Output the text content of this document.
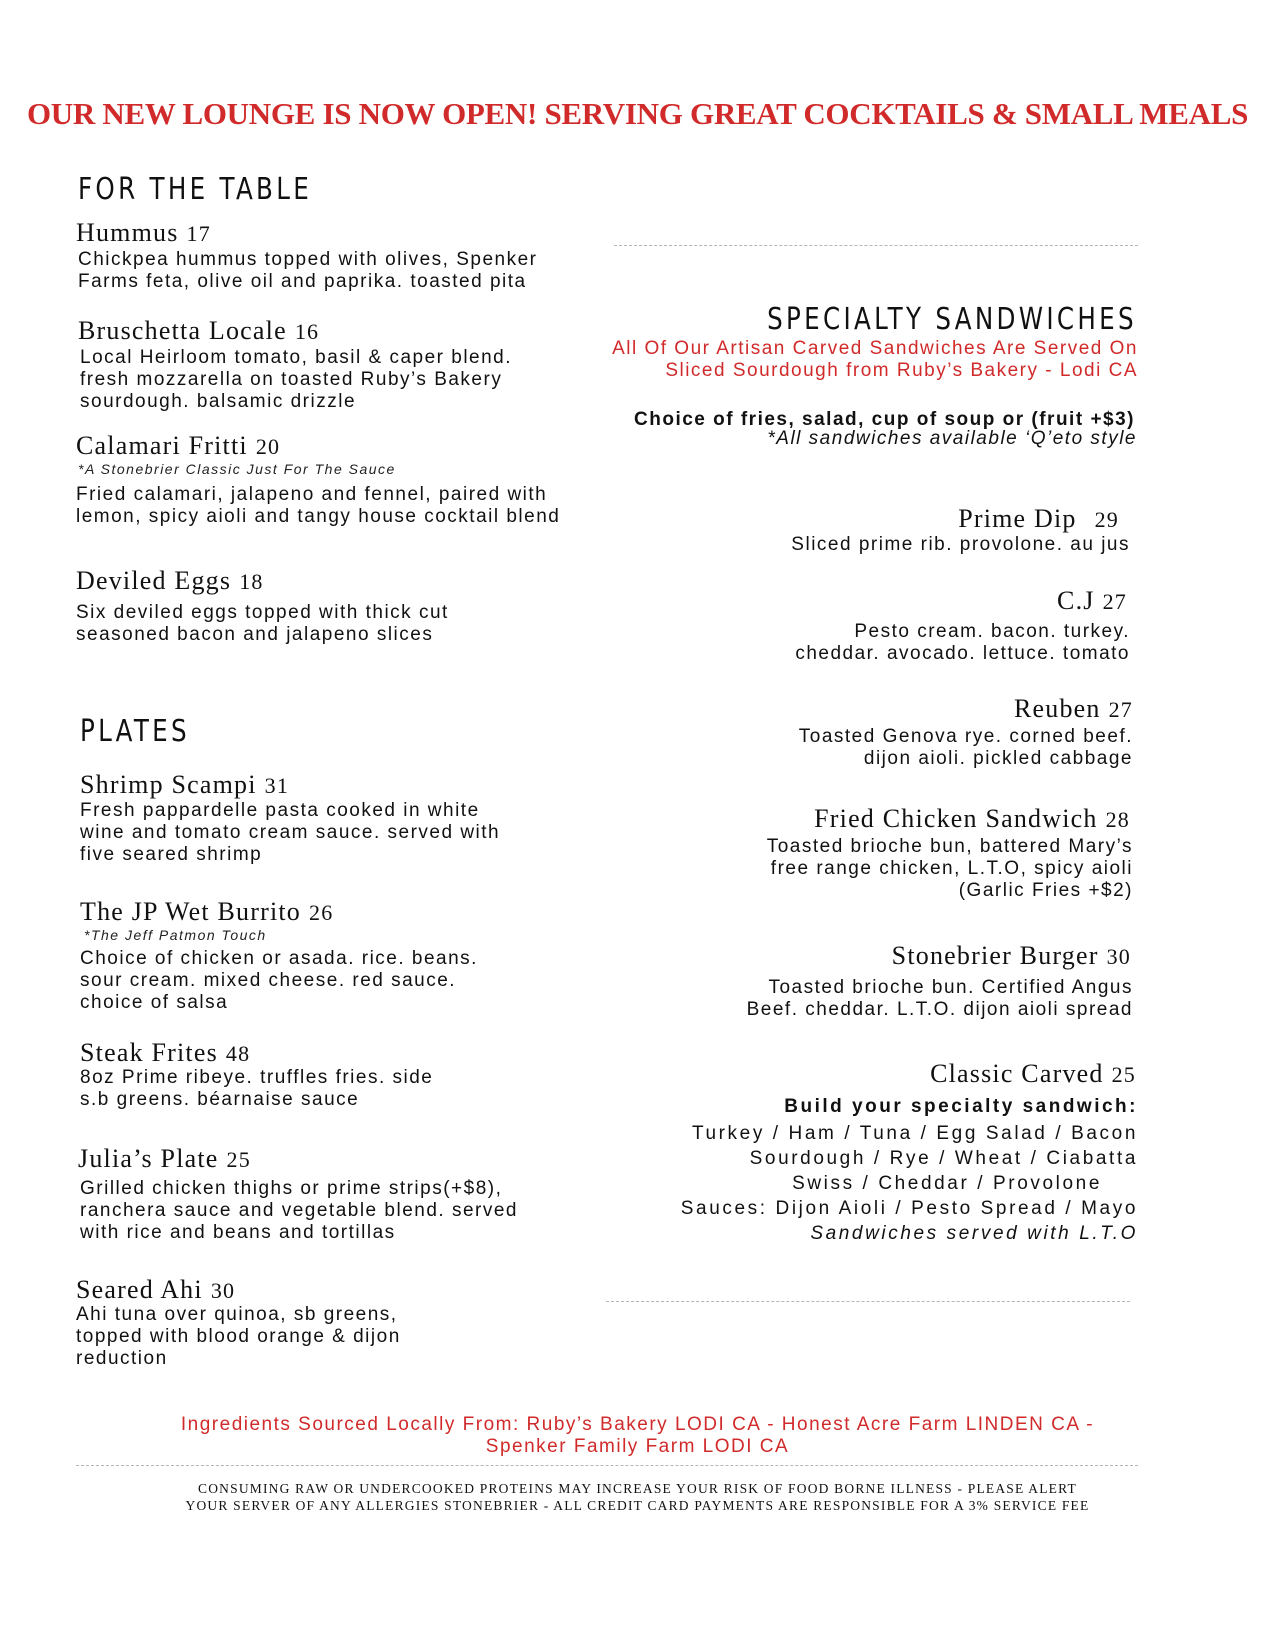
OUR NEW LOUNGE IS NOW OPEN! SERVING GREAT COCKTAILS & SMALL MEALS
FOR THE TABLE
Hummus 17
Chickpea hummus topped with olives, Spenker
Farms feta, olive oil and paprika. toasted pita
Bruschetta Locale 16
Local Heirloom tomato, basil & caper blend.
fresh mozzarella on toasted Ruby’s Bakery
sourdough. balsamic drizzle
Calamari Fritti 20
*A Stonebrier Classic Just For The Sauce
Fried calamari, jalapeno and fennel, paired with
lemon, spicy aioli and tangy house cocktail blend
Deviled Eggs 18
Six deviled eggs topped with thick cut
seasoned bacon and jalapeno slices
PLATES
Shrimp Scampi 31
Fresh pappardelle pasta cooked in white
wine and tomato cream sauce. served with
five seared shrimp
The JP Wet Burrito 26
*The Jeff Patmon Touch
Choice of chicken or asada. rice. beans.
sour cream. mixed cheese. red sauce.
choice of salsa
Steak Frites 48
8oz Prime ribeye. truffles fries. side
s.b greens. béarnaise sauce
Julia’s Plate 25
Grilled chicken thighs or prime strips(+$8),
ranchera sauce and vegetable blend. served
with rice and beans and tortillas
Seared Ahi 30
Ahi tuna over quinoa, sb greens,
topped with blood orange & dijon
reduction
SPECIALTY SANDWICHES
All Of Our Artisan Carved Sandwiches Are Served On
Sliced Sourdough from Ruby’s Bakery - Lodi CA
Choice of fries, salad, cup of soup or (fruit +$3)
*All sandwiches available ‘Q’eto style
Prime Dip 29
Sliced prime rib. provolone. au jus
C.J 27
Pesto cream. bacon. turkey.
cheddar. avocado. lettuce. tomato
Reuben 27
Toasted Genova rye. corned beef.
dijon aioli. pickled cabbage
Fried Chicken Sandwich 28
Toasted brioche bun, battered Mary’s
free range chicken, L.T.O, spicy aioli
(Garlic Fries +$2)
Stonebrier Burger 30
Toasted brioche bun. Certified Angus
Beef. cheddar. L.T.O. dijon aioli spread
Classic Carved 25
Build your specialty sandwich:
Turkey / Ham / Tuna / Egg Salad / Bacon
Sourdough / Rye / Wheat / Ciabatta
Swiss / Cheddar / Provolone
Sauces: Dijon Aioli / Pesto Spread / Mayo
Sandwiches served with L.T.O
Ingredients Sourced Locally From: Ruby’s Bakery LODI CA - Honest Acre Farm LINDEN CA -
Spenker Family Farm LODI CA
CONSUMING RAW OR UNDERCOOKED PROTEINS MAY INCREASE YOUR RISK OF FOOD BORNE ILLNESS - PLEASE ALERT
YOUR SERVER OF ANY ALLERGIES STONEBRIER - ALL CREDIT CARD PAYMENTS ARE RESPONSIBLE FOR A 3% SERVICE FEE
